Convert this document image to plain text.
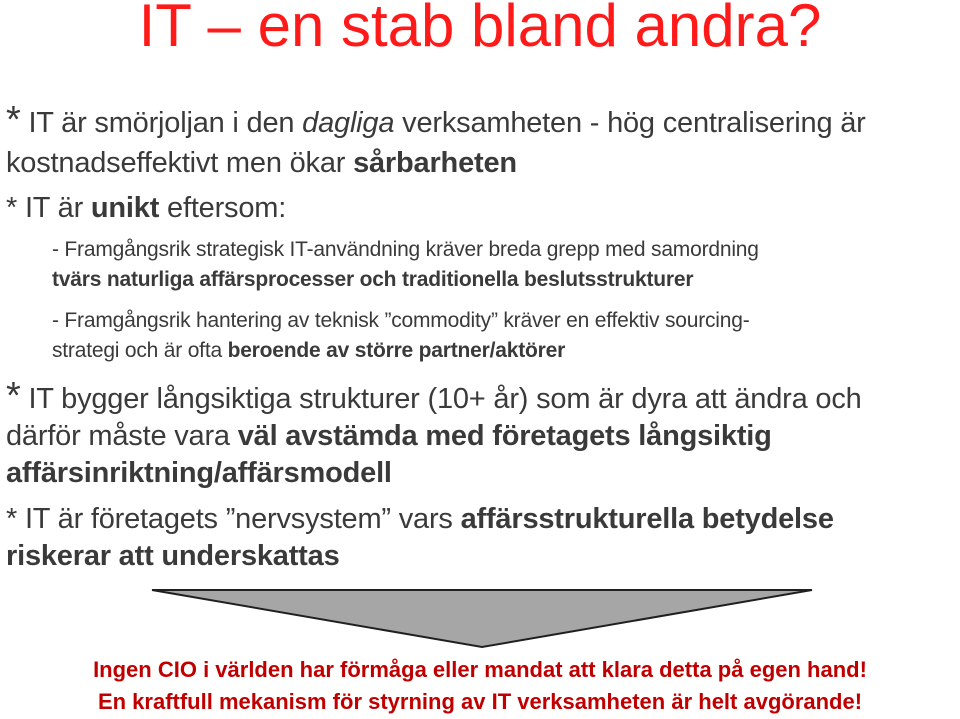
IT – en stab bland andra?
* IT är smörjoljan i den dagliga verksamheten - hög centralisering är
kostnadseffektivt men ökar sårbarheten
* IT är unikt eftersom:
- Framgångsrik strategisk IT-användning kräver breda grepp med samordning
tvärs naturliga affärsprocesser och traditionella beslutsstrukturer
- Framgångsrik hantering av teknisk ”commodity” kräver en effektiv sourcing-
strategi och är ofta beroende av större partner/aktörer
* IT bygger långsiktiga strukturer (10+ år) som är dyra att ändra och
därför måste vara väl avstämda med företagets långsiktig
affärsinriktning/affärsmodell
* IT är företagets ”nervsystem” vars affärsstrukturella betydelse
riskerar att underskattas
Ingen CIO i världen har förmåga eller mandat att klara detta på egen hand!
En kraftfull mekanism för styrning av IT verksamheten är helt avgörande!
